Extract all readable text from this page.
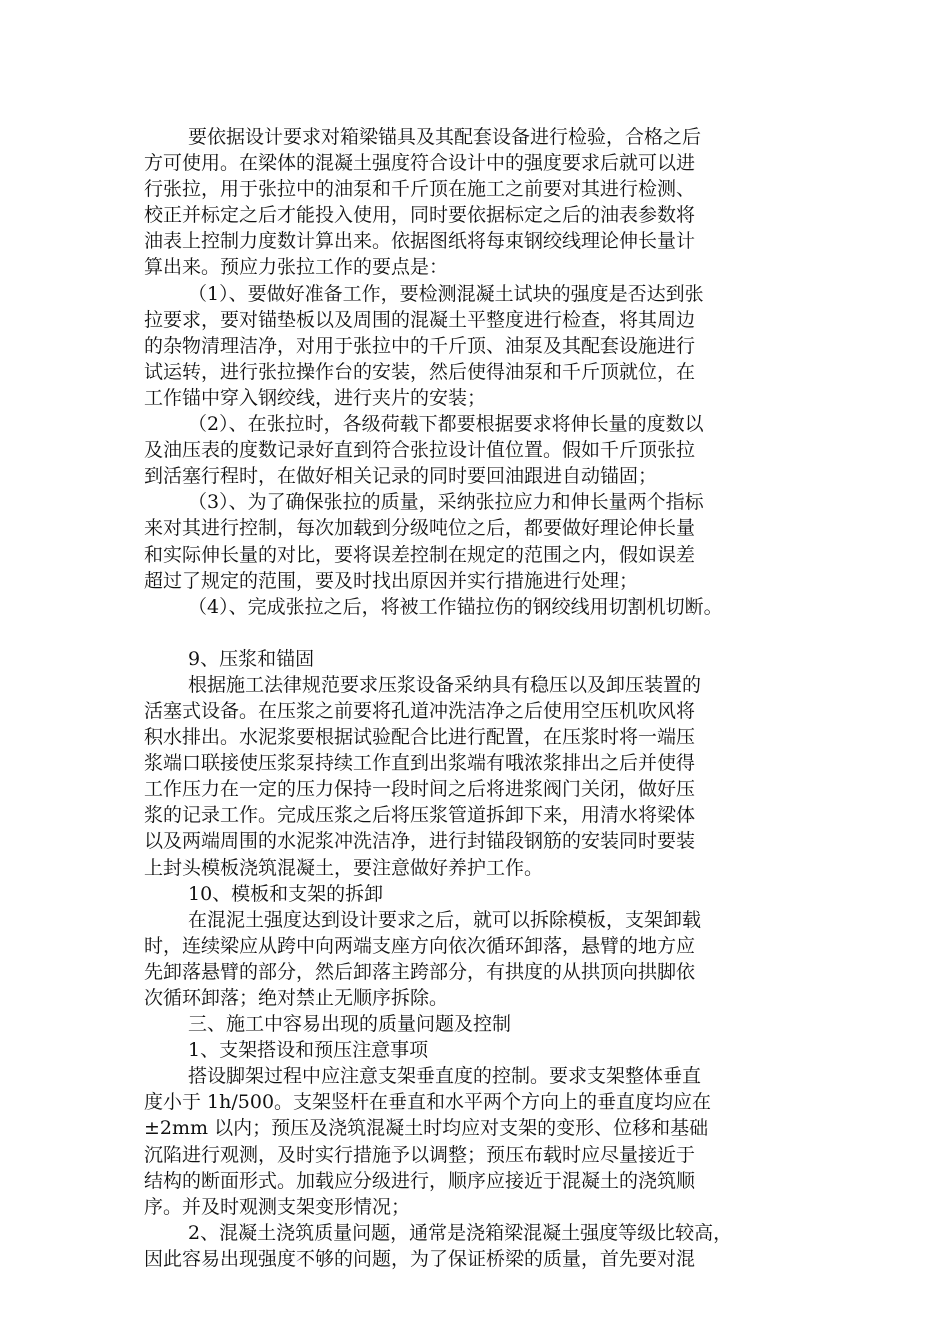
要依据设计要求对箱梁锚具及其配套设备进行检验，合格之后
方可使用。在梁体的混凝土强度符合设计中的强度要求后就可以进
行张拉，用于张拉中的油泵和千斤顶在施工之前要对其进行检测、
校正并标定之后才能投入使用，同时要依据标定之后的油表参数将
油表上控制力度数计算出来。依据图纸将每束钢绞线理论伸长量计
算出来。预应力张拉工作的要点是：
（1）、要做好准备工作，要检测混凝土试块的强度是否达到张
拉要求，要对锚垫板以及周围的混凝土平整度进行检查，将其周边
的杂物清理洁净，对用于张拉中的千斤顶、油泵及其配套设施进行
试运转，进行张拉操作台的安装，然后使得油泵和千斤顶就位，在
工作锚中穿入钢绞线，进行夹片的安装；
（2）、在张拉时，各级荷载下都要根据要求将伸长量的度数以
及油压表的度数记录好直到符合张拉设计值位置。假如千斤顶张拉
到活塞行程时，在做好相关记录的同时要回油跟进自动锚固；
（3）、为了确保张拉的质量，采纳张拉应力和伸长量两个指标
来对其进行控制，每次加载到分级吨位之后，都要做好理论伸长量
和实际伸长量的对比，要将误差控制在规定的范围之内，假如误差
超过了规定的范围，要及时找出原因并实行措施进行处理；
（4）、完成张拉之后，将被工作锚拉伤的钢绞线用切割机切断。
9、压浆和锚固
根据施工法律规范要求压浆设备采纳具有稳压以及卸压装置的
活塞式设备。在压浆之前要将孔道冲洗洁净之后使用空压机吹风将
积水排出。水泥浆要根据试验配合比进行配置，在压浆时将一端压
浆端口联接使压浆泵持续工作直到出浆端有哦浓浆排出之后并使得
工作压力在一定的压力保持一段时间之后将进浆阀门关闭，做好压
浆的记录工作。完成压浆之后将压浆管道拆卸下来，用清水将梁体
以及两端周围的水泥浆冲洗洁净，进行封锚段钢筋的安装同时要装
上封头模板浇筑混凝土，要注意做好养护工作。
10、模板和支架的拆卸
在混泥土强度达到设计要求之后，就可以拆除模板，支架卸载
时，连续梁应从跨中向两端支座方向依次循环卸落，悬臂的地方应
先卸落悬臂的部分，然后卸落主跨部分，有拱度的从拱顶向拱脚依
次循环卸落；绝对禁止无顺序拆除。
三、施工中容易出现的质量问题及控制
1、支架搭设和预压注意事项
搭设脚架过程中应注意支架垂直度的控制。要求支架整体垂直
度小于 1h/500。支架竖杆在垂直和水平两个方向上的垂直度均应在
±2mm 以内；预压及浇筑混凝土时均应对支架的变形、位移和基础
沉陷进行观测，及时实行措施予以调整；预压布载时应尽量接近于
结构的断面形式。加载应分级进行，顺序应接近于混凝土的浇筑顺
序。并及时观测支架变形情况；
2、混凝土浇筑质量问题，通常是浇箱梁混凝土强度等级比较高，
因此容易出现强度不够的问题，为了保证桥梁的质量，首先要对混
